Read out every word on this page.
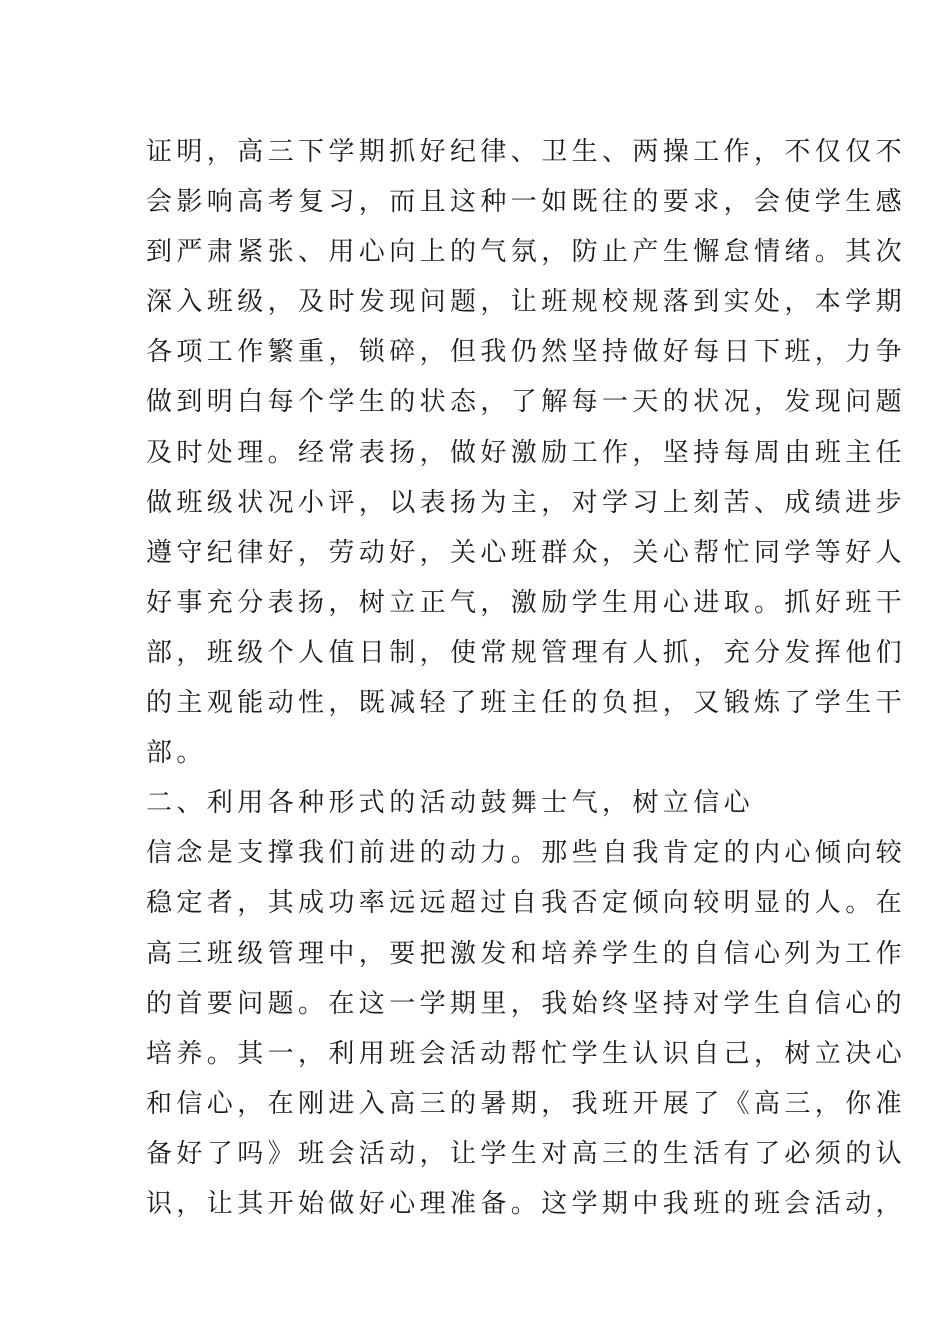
证明，高三下学期抓好纪律、卫生、两操工作，不仅仅不
会影响高考复习，而且这种一如既往的要求，会使学生感
到严肃紧张、用心向上的气氛，防止产生懈怠情绪。其次
深入班级，及时发现问题，让班规校规落到实处，本学期
各项工作繁重，锁碎，但我仍然坚持做好每日下班，力争
做到明白每个学生的状态，了解每一天的状况，发现问题
及时处理。经常表扬，做好激励工作，坚持每周由班主任
做班级状况小评，以表扬为主，对学习上刻苦、成绩进步
遵守纪律好，劳动好，关心班群众，关心帮忙同学等好人
好事充分表扬，树立正气，激励学生用心进取。抓好班干
部，班级个人值日制，使常规管理有人抓，充分发挥他们
的主观能动性，既减轻了班主任的负担，又锻炼了学生干
部。
二、利用各种形式的活动鼓舞士气，树立信心
信念是支撑我们前进的动力。那些自我肯定的内心倾向较
稳定者，其成功率远远超过自我否定倾向较明显的人。在
高三班级管理中，要把激发和培养学生的自信心列为工作
的首要问题。在这一学期里，我始终坚持对学生自信心的
培养。其一，利用班会活动帮忙学生认识自己，树立决心
和信心，在刚进入高三的暑期，我班开展了《高三，你准
备好了吗》班会活动，让学生对高三的生活有了必须的认
识，让其开始做好心理准备。这学期中我班的班会活动，
